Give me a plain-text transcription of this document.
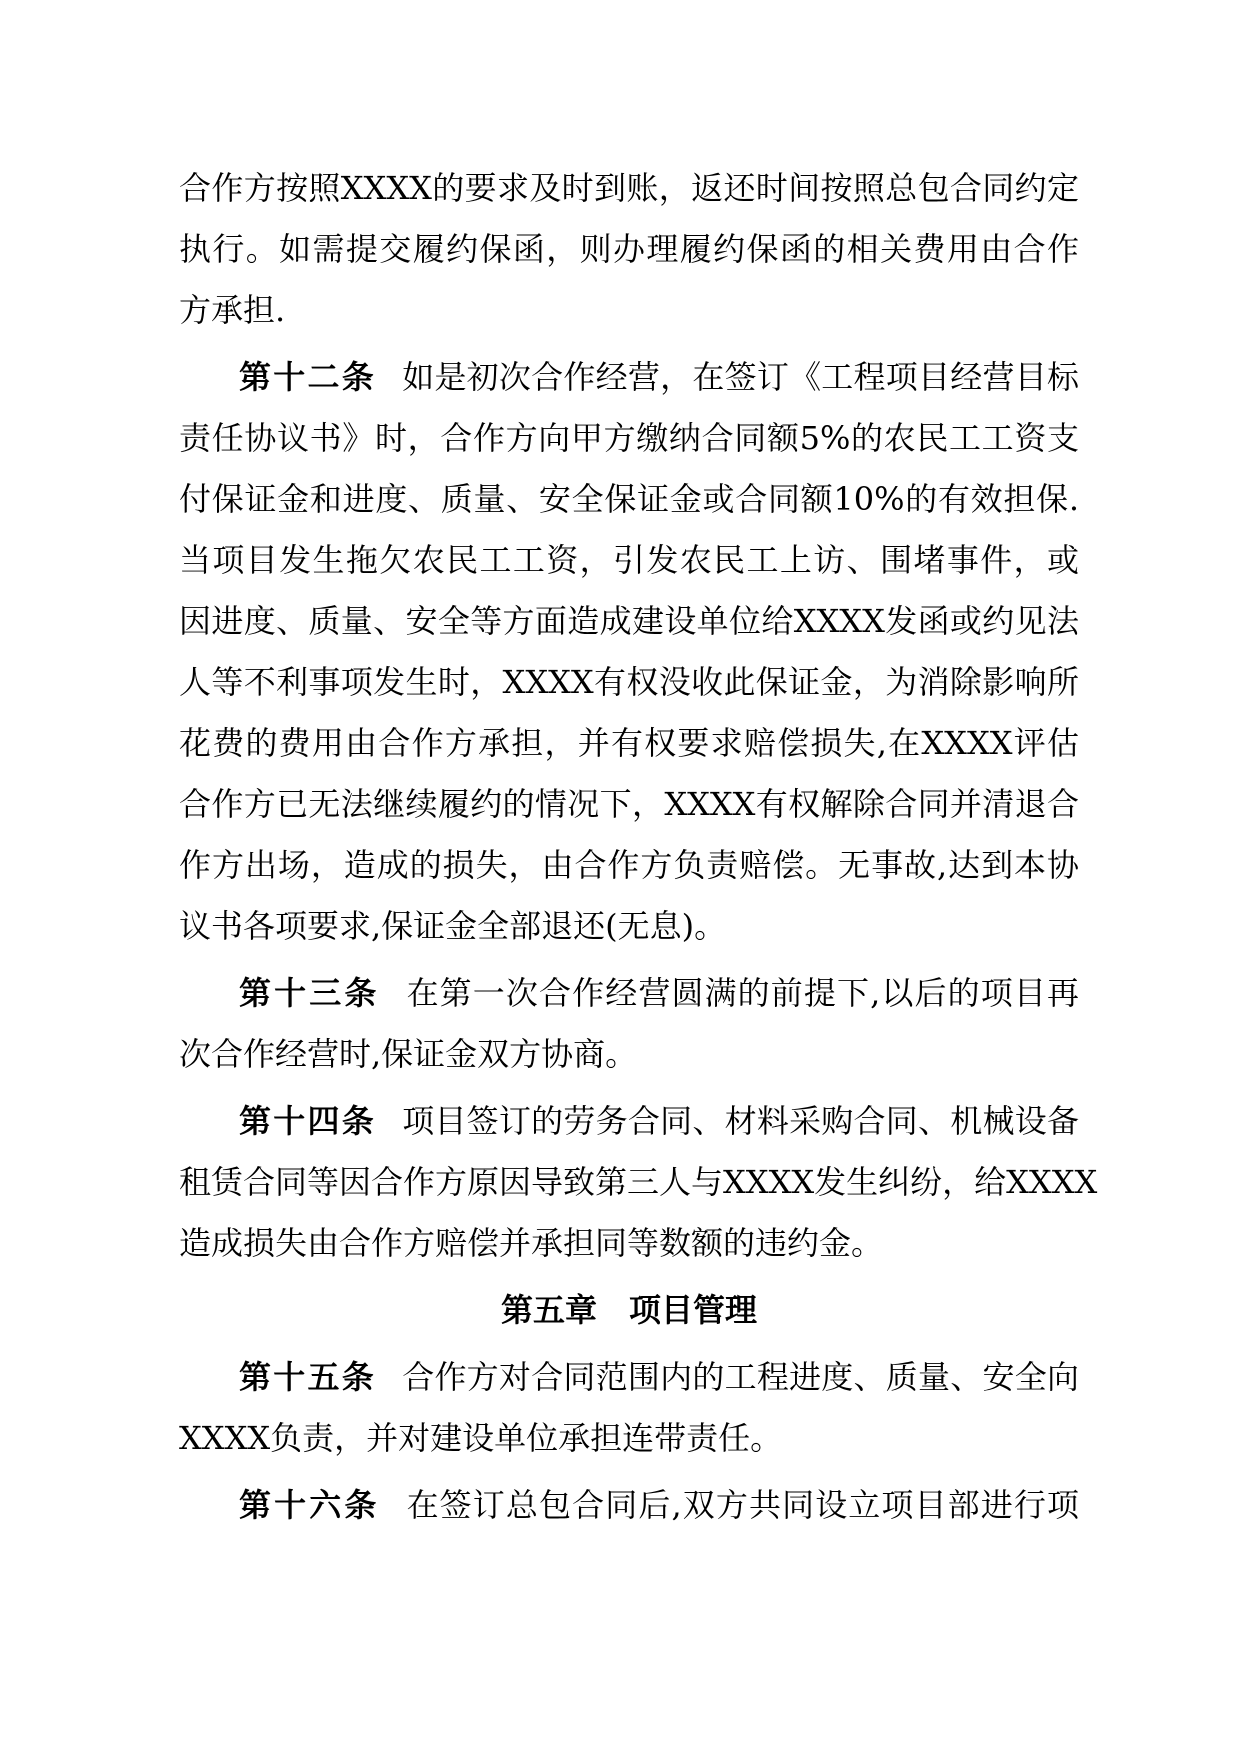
合作方按照XXXX的要求及时到账，返还时间按照总包合同约定
执行。如需提交履约保函，则办理履约保函的相关费用由合作
方承担.
第十二条 如是初次合作经营，在签订《工程项目经营目标
责任协议书》时，合作方向甲方缴纳合同额5%的农民工工资支
付保证金和进度、质量、安全保证金或合同额10%的有效担保.
当项目发生拖欠农民工工资，引发农民工上访、围堵事件，或
因进度、质量、安全等方面造成建设单位给XXXX发函或约见法
人等不利事项发生时，XXXX有权没收此保证金，为消除影响所
花费的费用由合作方承担，并有权要求赔偿损失,在XXXX评估
合作方已无法继续履约的情况下，XXXX有权解除合同并清退合
作方出场，造成的损失，由合作方负责赔偿。无事故,达到本协
议书各项要求,保证金全部退还(无息)。
第十三条 在第一次合作经营圆满的前提下,以后的项目再
次合作经营时,保证金双方协商。
第十四条 项目签订的劳务合同、材料采购合同、机械设备
租赁合同等因合作方原因导致第三人与XXXX发生纠纷，给XXXX
造成损失由合作方赔偿并承担同等数额的违约金。
第五章 项目管理
第十五条 合作方对合同范围内的工程进度、质量、安全向
XXXX负责，并对建设单位承担连带责任。
第十六条 在签订总包合同后,双方共同设立项目部进行项
